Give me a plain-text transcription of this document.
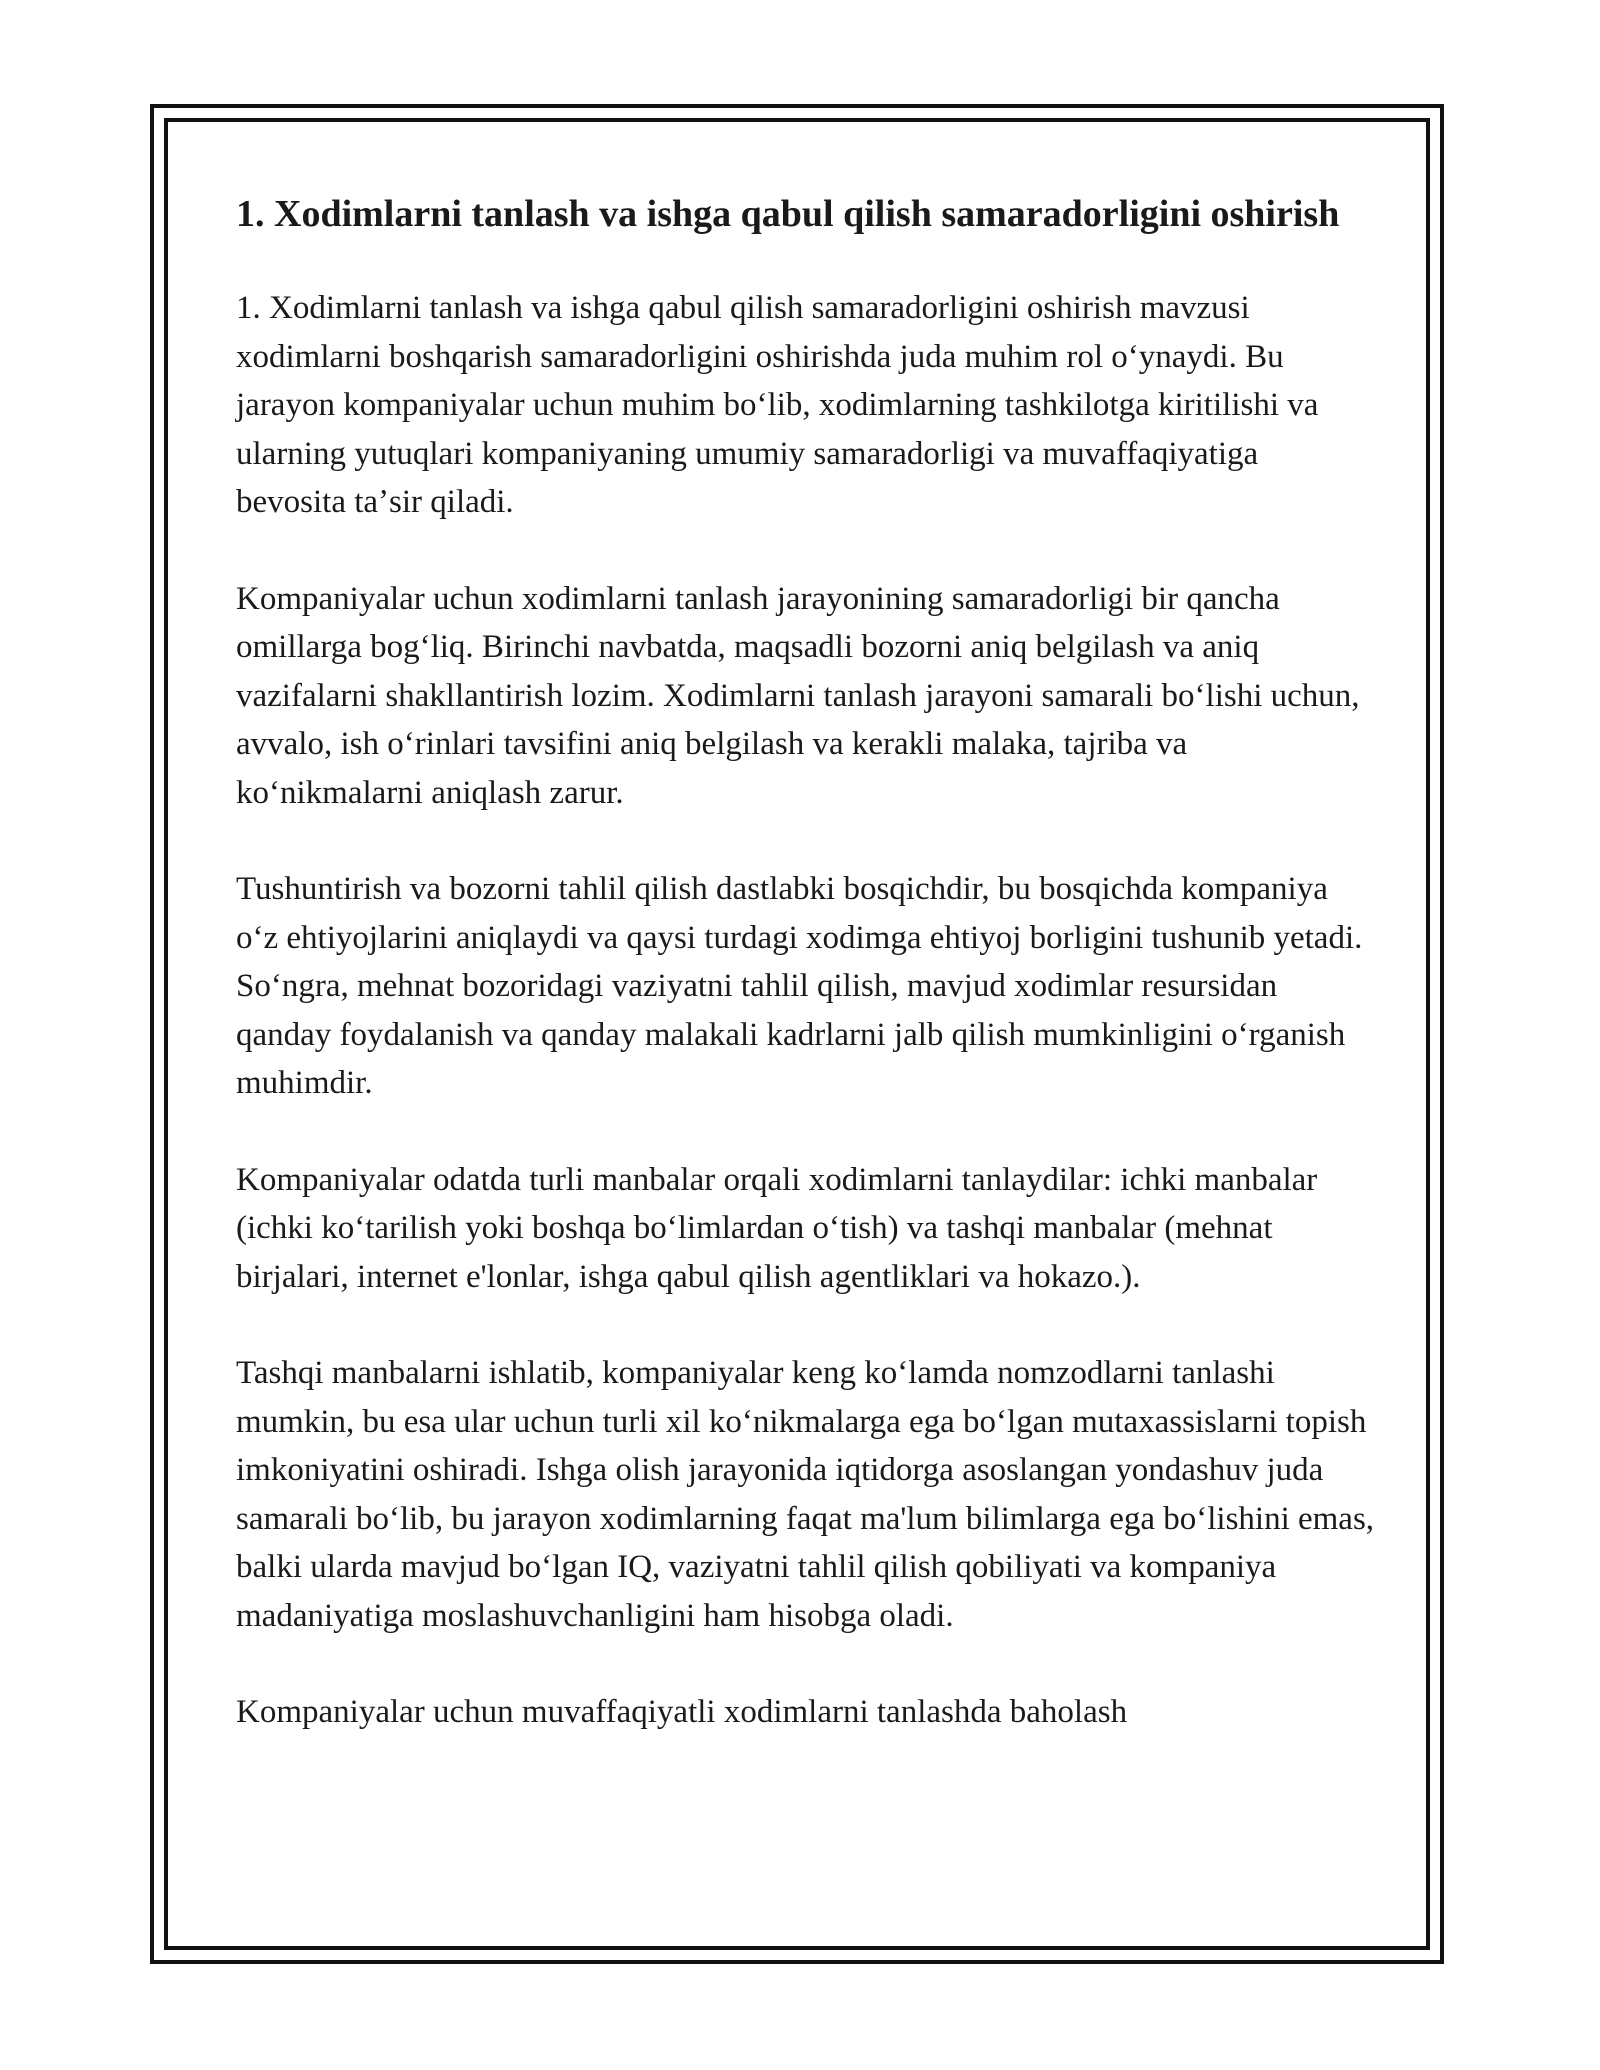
1. Xodimlarni tanlash va ishga qabul qilish samaradorligini oshirish

1. Xodimlarni tanlash va ishga qabul qilish samaradorligini oshirish mavzusi xodimlarni boshqarish samaradorligini oshirishda juda muhim rol oʻynaydi. Bu jarayon kompaniyalar uchun muhim boʻlib, xodimlarning tashkilotga kiritilishi va ularning yutuqlari kompaniyaning umumiy samaradorligi va muvaffaqiyatiga bevosita taʼsir qiladi.

Kompaniyalar uchun xodimlarni tanlash jarayonining samaradorligi bir qancha omillarga bogʻliq. Birinchi navbatda, maqsadli bozorni aniq belgilash va aniq vazifalarni shakllantirish lozim. Xodimlarni tanlash jarayoni samarali boʻlishi uchun, avvalo, ish oʻrinlari tavsifini aniq belgilash va kerakli malaka, tajriba va koʻnikmalarni aniqlash zarur.

Tushuntirish va bozorni tahlil qilish dastlabki bosqichdir, bu bosqichda kompaniya oʻz ehtiyojlarini aniqlaydi va qaysi turdagi xodimga ehtiyoj borligini tushunib yetadi. Soʻngra, mehnat bozoridagi vaziyatni tahlil qilish, mavjud xodimlar resursidan qanday foydalanish va qanday malakali kadrlarni jalb qilish mumkinligini oʻrganish muhimdir.

Kompaniyalar odatda turli manbalar orqali xodimlarni tanlaydilar: ichki manbalar (ichki koʻtarilish yoki boshqa boʻlimlardan oʻtish) va tashqi manbalar (mehnat birjalari, internet e'lonlar, ishga qabul qilish agentliklari va hokazo.).

Tashqi manbalarni ishlatib, kompaniyalar keng koʻlamda nomzodlarni tanlashi mumkin, bu esa ular uchun turli xil koʻnikmalarga ega boʻlgan mutaxassislarni topish imkoniyatini oshiradi. Ishga olish jarayonida iqtidorga asoslangan yondashuv juda samarali boʻlib, bu jarayon xodimlarning faqat ma'lum bilimlarga ega boʻlishini emas, balki ularda mavjud boʻlgan IQ, vaziyatni tahlil qilish qobiliyati va kompaniya madaniyatiga moslashuvchanligini ham hisobga oladi.

Kompaniyalar uchun muvaffaqiyatli xodimlarni tanlashda baholash
